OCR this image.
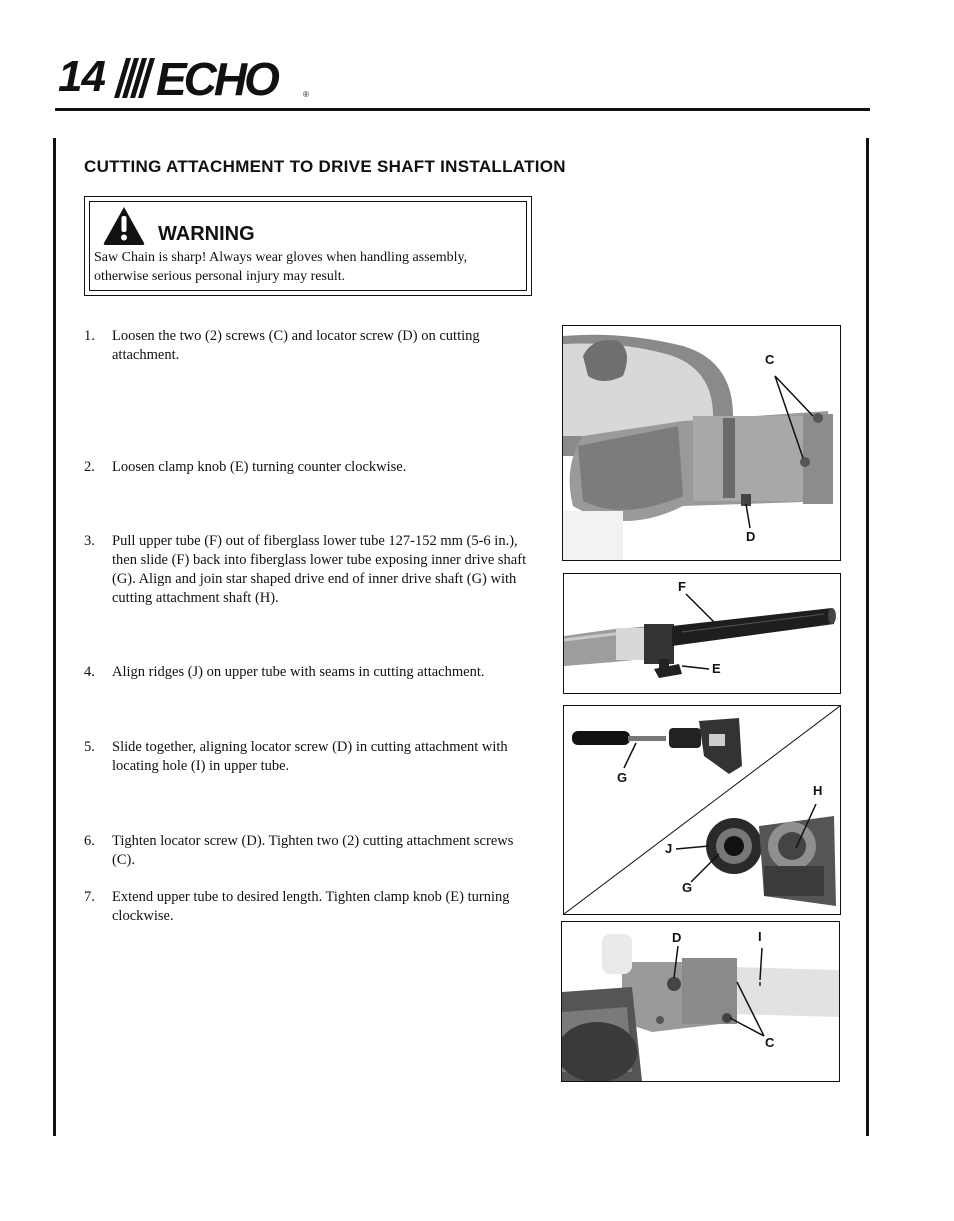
14 ECHO	®
CUTTING ATTACHMENT TO DRIVE SHAFT INSTALLATION
WARNING
Saw Chain is sharp! Always wear gloves when handling assembly, otherwise serious personal injury may result.
1. Loosen the two (2) screws (C) and locator screw (D) on cutting attachment.
2. Loosen clamp knob (E) turning counter clockwise.
3. Pull upper tube (F) out of fiberglass lower tube 127-152 mm (5-6 in.), then slide (F) back into fiberglass lower tube exposing inner drive shaft (G). Align and join star shaped drive end of inner drive shaft (G) with cutting attachment shaft (H).
4. Align ridges (J) on upper tube with seams in cutting attachment.
5. Slide together, aligning locator screw (D) in cutting attachment with locating hole (I) in upper tube.
6. Tighten locator screw (D). Tighten two (2) cutting attachment screws (C).
7. Extend upper tube to desired length. Tighten clamp knob (E) turning clockwise.
C
D
F
E
G
H
J
G
D	I
C
